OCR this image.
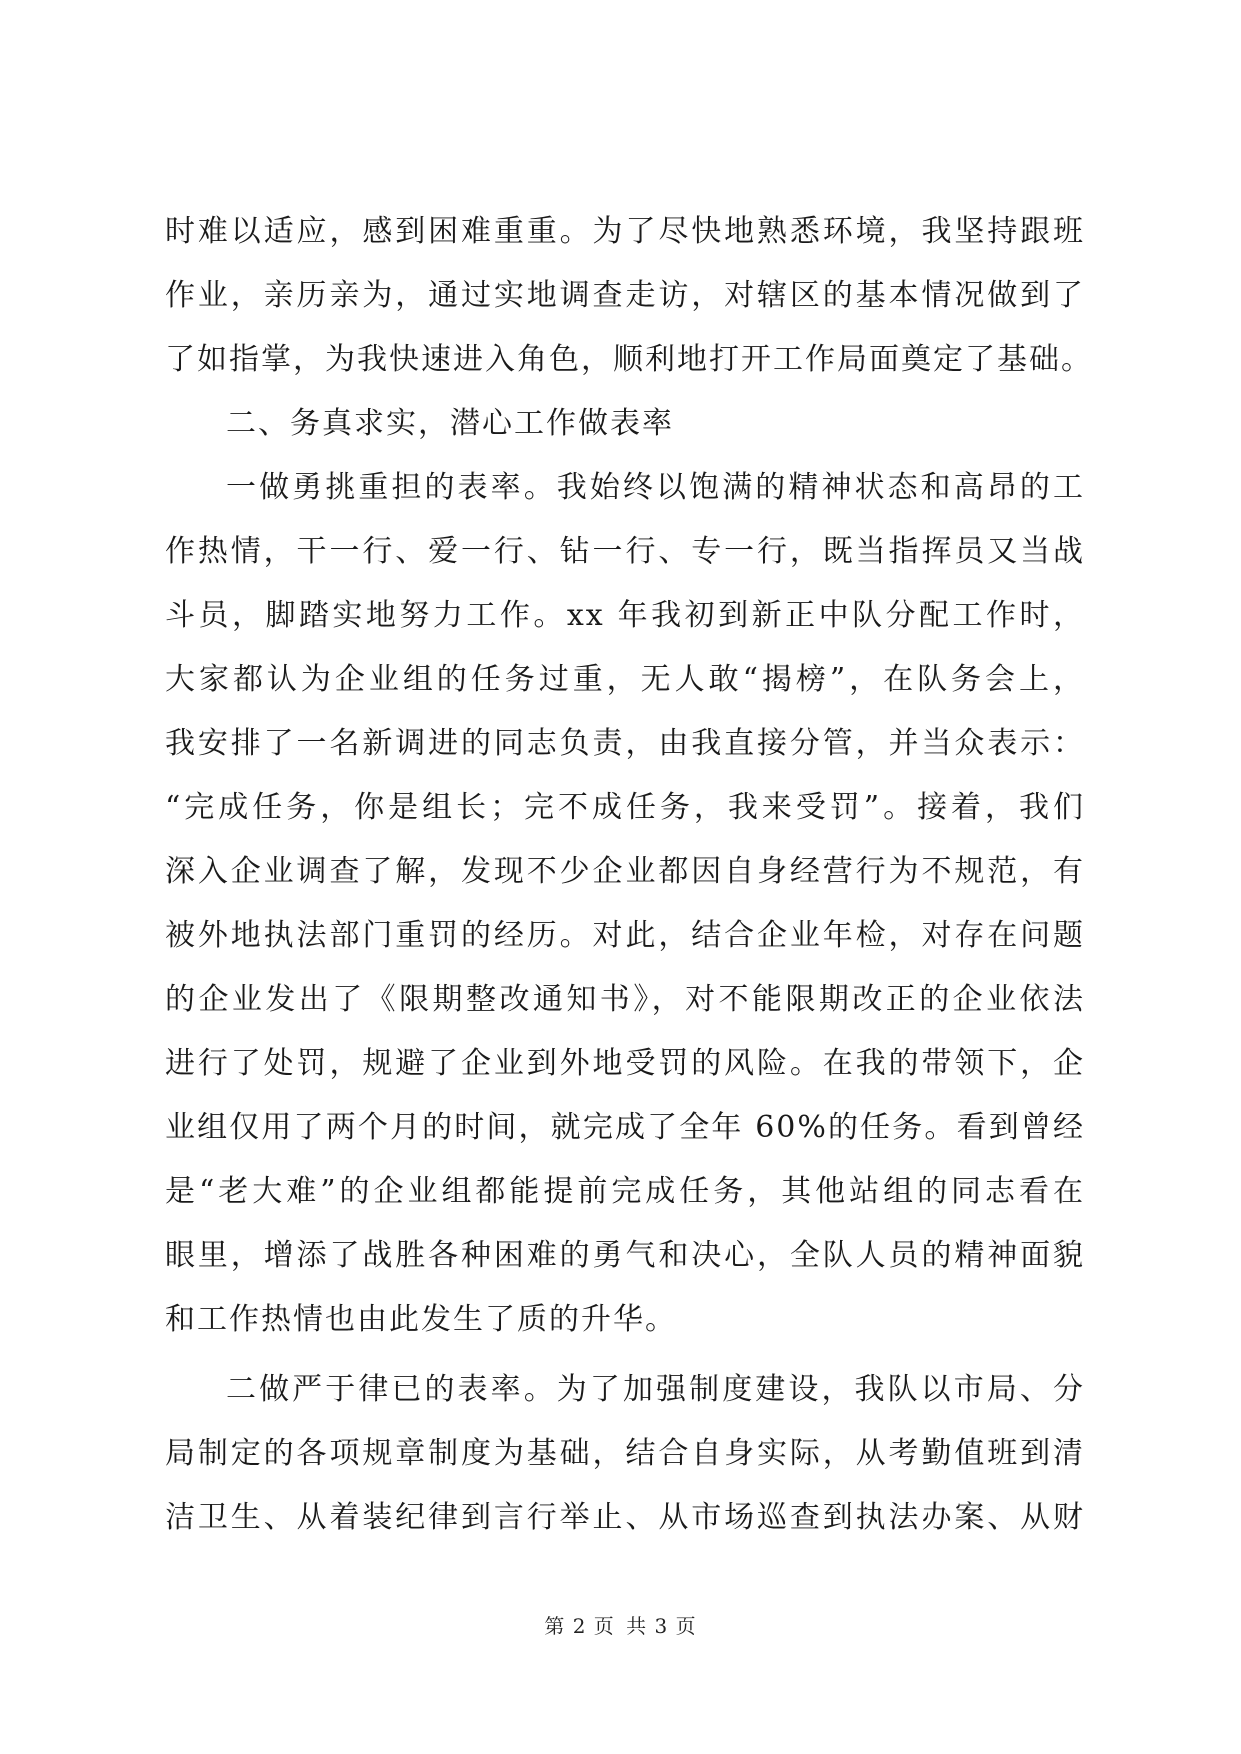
时难以适应，感到困难重重。为了尽快地熟悉环境，我坚持跟班
作业，亲历亲为，通过实地调查走访，对辖区的基本情况做到了
了如指掌，为我快速进入角色，顺利地打开工作局面奠定了基础。
二、务真求实，潜心工作做表率
一做勇挑重担的表率。我始终以饱满的精神状态和高昂的工
作热情，干一行、爱一行、钻一行、专一行，既当指挥员又当战
斗员，脚踏实地努力工作。xx 年我初到新正中队分配工作时，
大家都认为企业组的任务过重，无人敢“揭榜”，在队务会上，
我安排了一名新调进的同志负责，由我直接分管，并当众表示：
“完成任务，你是组长；完不成任务，我来受罚”。接着，我们
深入企业调查了解，发现不少企业都因自身经营行为不规范，有
被外地执法部门重罚的经历。对此，结合企业年检，对存在问题
的企业发出了《限期整改通知书》，对不能限期改正的企业依法
进行了处罚，规避了企业到外地受罚的风险。在我的带领下，企
业组仅用了两个月的时间，就完成了全年 60%的任务。看到曾经
是“老大难”的企业组都能提前完成任务，其他站组的同志看在
眼里，增添了战胜各种困难的勇气和决心，全队人员的精神面貌
和工作热情也由此发生了质的升华。
二做严于律已的表率。为了加强制度建设，我队以市局、分
局制定的各项规章制度为基础，结合自身实际，从考勤值班到清
洁卫生、从着装纪律到言行举止、从市场巡查到执法办案、从财
第 2 页 共 3 页
